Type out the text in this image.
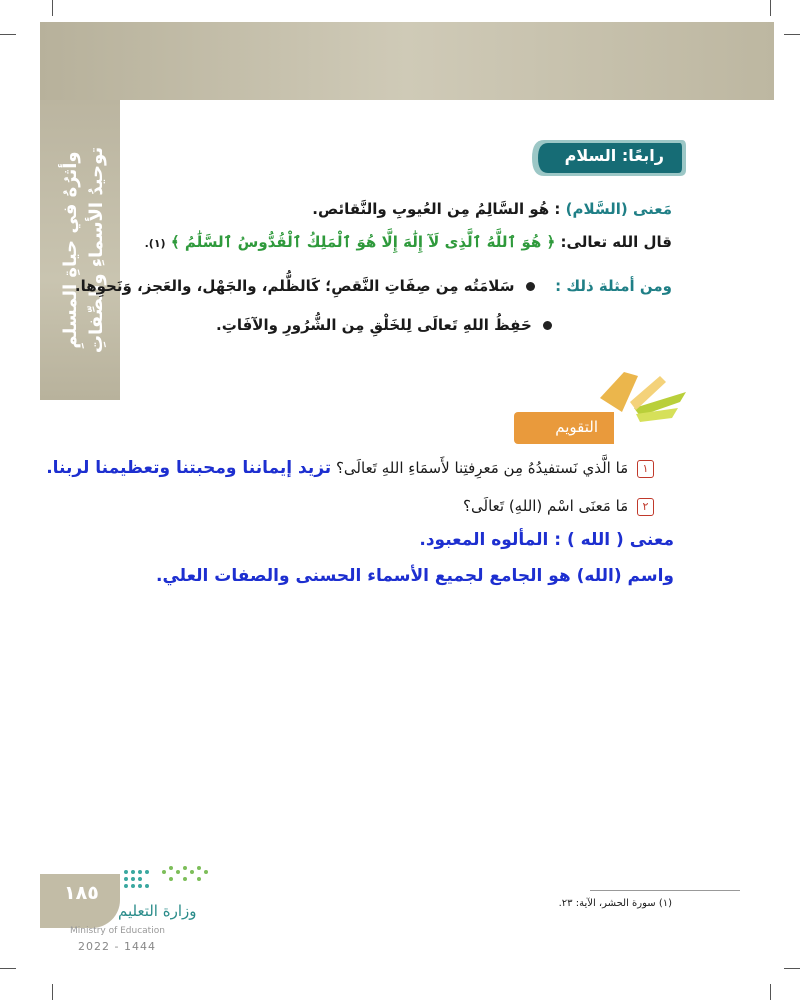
توحيدُ الأسماءِ والصِّفاتِ
وأثرُهُ في حياةِ المسلمِ	رابعًا: السلام
مَعنى (السَّلام) : هُو السَّالِمُ مِن العُيوبِ والنَّقائص.
قال الله تعالى: ﴿ هُوَ ٱللَّهُ ٱلَّذِى لَآ إِلَٰهَ إِلَّا هُوَ ٱلْمَلِكُ ٱلْقُدُّوسُ ٱلسَّلَٰمُ ﴾ (١).
ومن أمثلة ذلك :   سَلامَتُه مِن صِفَاتِ النَّقصِ؛ كَالظُّلم، والجَهْل، والعَجز، وَنَحوِها.
حَفِظُ اللهِ تَعالَى لِلخَلْقِ مِن الشُّرُورِ والآفَاتِ.
التقويم
١ مَا الَّذي نَستفيدُهُ مِن مَعرِفتِنا لأَسمَاءِ اللهِ تَعالَى؟ تزيد إيماننا ومحبتنا وتعظيمنا لربنا.
٢ مَا مَعنَى اسْم (اللهِ) تَعالَى؟
معنى ( الله ) : المألوه المعبود.
واسم (الله) هو الجامع لجميع الأسماء الحسنى والصفات العلي.
(١) سورة الحشر، الآية: ٢٣.
١٨٥
وزارة التعليم
Ministry of Education
2022 - 1444
